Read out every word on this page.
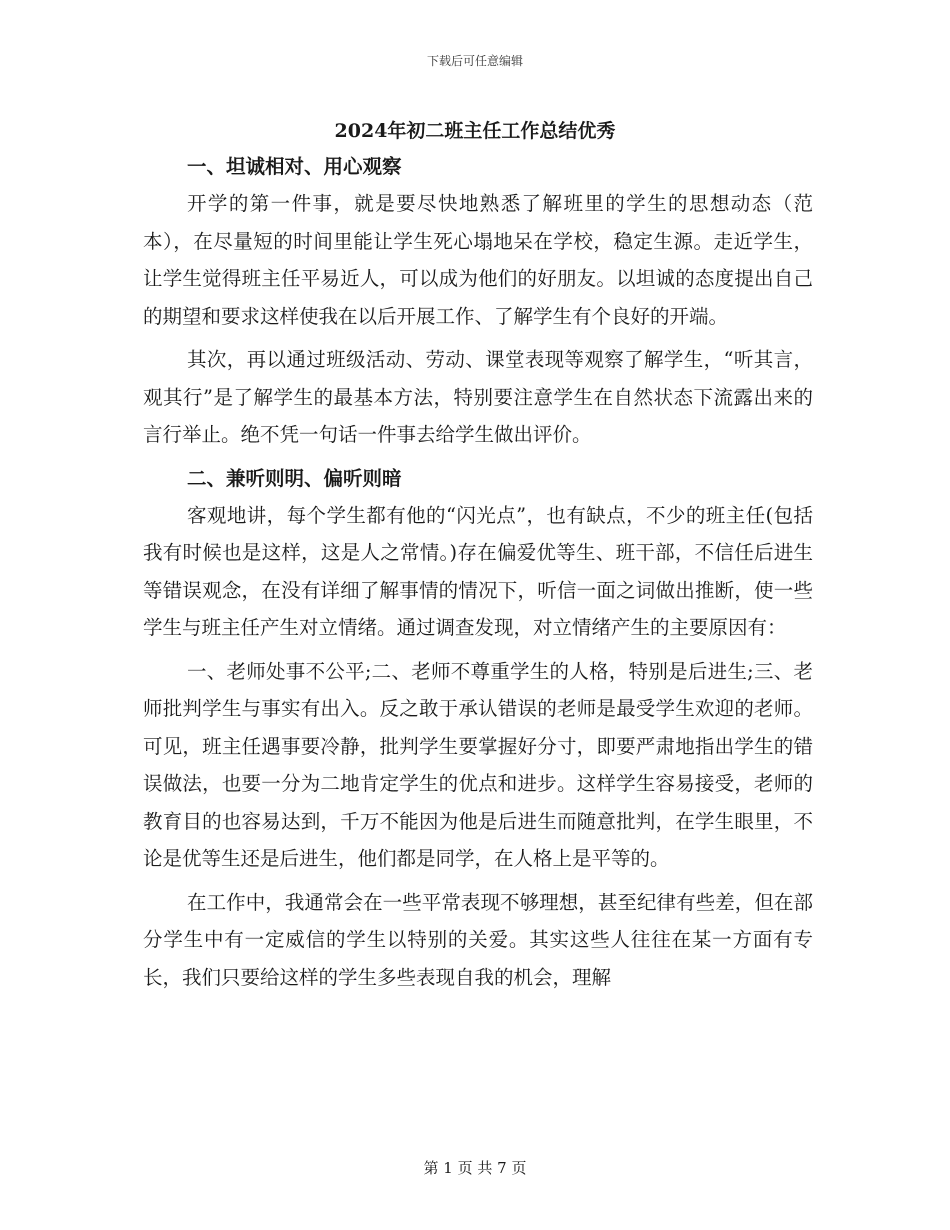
下载后可任意编辑
2024年初二班主任工作总结优秀

一、坦诚相对、用心观察

开学的第一件事，就是要尽快地熟悉了解班里的学生的思想动态（范本），在尽量短的时间里能让学生死心塌地呆在学校，稳定生源。走近学生，让学生觉得班主任平易近人，可以成为他们的好朋友。以坦诚的态度提出自己的期望和要求这样使我在以后开展工作、了解学生有个良好的开端。

其次，再以通过班级活动、劳动、课堂表现等观察了解学生，“听其言，观其行”是了解学生的最基本方法，特别要注意学生在自然状态下流露出来的言行举止。绝不凭一句话一件事去给学生做出评价。

二、兼听则明、偏听则暗

客观地讲，每个学生都有他的“闪光点”，也有缺点，不少的班主任(包括我有时候也是这样，这是人之常情。)存在偏爱优等生、班干部，不信任后进生等错误观念，在没有详细了解事情的情况下，听信一面之词做出推断，使一些学生与班主任产生对立情绪。通过调查发现，对立情绪产生的主要原因有：

一、老师处事不公平;二、老师不尊重学生的人格，特别是后进生;三、老师批判学生与事实有出入。反之敢于承认错误的老师是最受学生欢迎的老师。可见，班主任遇事要冷静，批判学生要掌握好分寸，即要严肃地指出学生的错误做法，也要一分为二地肯定学生的优点和进步。这样学生容易接受，老师的教育目的也容易达到，千万不能因为他是后进生而随意批判，在学生眼里，不论是优等生还是后进生，他们都是同学，在人格上是平等的。

在工作中，我通常会在一些平常表现不够理想，甚至纪律有些差，但在部分学生中有一定威信的学生以特别的关爱。其实这些人往往在某一方面有专长，我们只要给这样的学生多些表现自我的机会，理解

第 1 页 共 7 页
